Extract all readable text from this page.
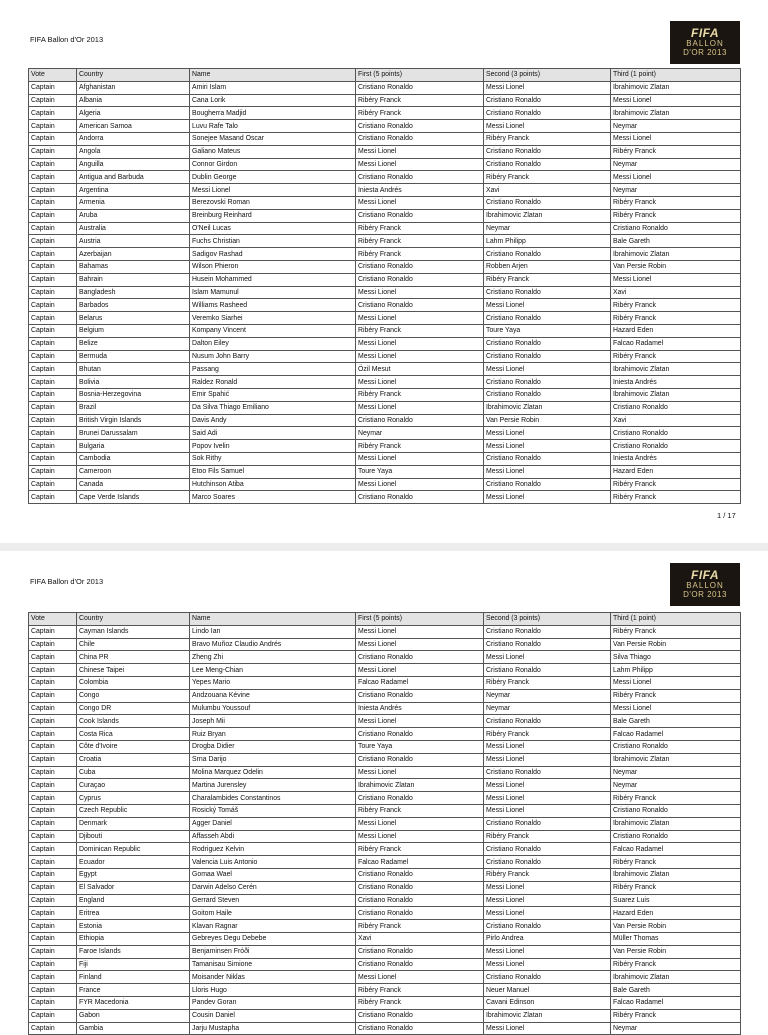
FIFA Ballon d'Or 2013	FIFA
BALLON
D'OR 2013
Vote	Country	Name	First (5 points)	Second (3 points)	Third (1 point)
Captain	Afghanistan	Amiri Islam	Cristiano Ronaldo	Messi Lionel	Ibrahimovic Zlatan
Captain	Albania	Cana Lorik	Ribéry Franck	Cristiano Ronaldo	Messi Lionel
Captain	Algeria	Bougherra Madjid	Ribéry Franck	Cristiano Ronaldo	Ibrahimovic Zlatan
Captain	American Samoa	Luvu Rafe Talo	Cristiano Ronaldo	Messi Lionel	Neymar
Captain	Andorra	Sonejee Masand Oscar	Cristiano Ronaldo	Ribéry Franck	Messi Lionel
Captain	Angola	Galiano Mateus	Messi Lionel	Cristiano Ronaldo	Ribéry Franck
Captain	Anguilla	Connor Girdon	Messi Lionel	Cristiano Ronaldo	Neymar
Captain	Antigua and Barbuda	Dublin George	Cristiano Ronaldo	Ribéry Franck	Messi Lionel
Captain	Argentina	Messi Lionel	Iniesta Andrés	Xavi	Neymar
Captain	Armenia	Berezovski Roman	Messi Lionel	Cristiano Ronaldo	Ribéry Franck
Captain	Aruba	Breinburg Reinhard	Cristiano Ronaldo	Ibrahimovic Zlatan	Ribéry Franck
Captain	Australia	O'Neil Lucas	Ribéry Franck	Neymar	Cristiano Ronaldo
Captain	Austria	Fuchs Christian	Ribéry Franck	Lahm Philipp	Bale Gareth
Captain	Azerbaijan	Sadigov Rashad	Ribéry Franck	Cristiano Ronaldo	Ibrahimovic Zlatan
Captain	Bahamas	Wilson Phieron	Cristiano Ronaldo	Robben Arjen	Van Persie Robin
Captain	Bahrain	Husein Mohammed	Cristiano Ronaldo	Ribéry Franck	Messi Lionel
Captain	Bangladesh	Islam Mamunul	Messi Lionel	Cristiano Ronaldo	Xavi
Captain	Barbados	Williams Rasheed	Cristiano Ronaldo	Messi Lionel	Ribéry Franck
Captain	Belarus	Veremko Siarhei	Messi Lionel	Cristiano Ronaldo	Ribéry Franck
Captain	Belgium	Kompany Vincent	Ribéry Franck	Toure Yaya	Hazard Eden
Captain	Belize	Dalton Eiley	Messi Lionel	Cristiano Ronaldo	Falcao Radamel
Captain	Bermuda	Nusum John Barry	Messi Lionel	Cristiano Ronaldo	Ribéry Franck
Captain	Bhutan	Passang	Özil Mesut	Messi Lionel	Ibrahimovic Zlatan
Captain	Bolivia	Raldez Ronald	Messi Lionel	Cristiano Ronaldo	Iniesta Andrés
Captain	Bosnia-Herzegovina	Emir Spahić	Ribéry Franck	Cristiano Ronaldo	Ibrahimovic Zlatan
Captain	Brazil	Da Silva Thiago Emiliano	Messi Lionel	Ibrahimovic Zlatan	Cristiano Ronaldo
Captain	British Virgin Islands	Davis Andy	Cristiano Ronaldo	Van Persie Robin	Xavi
Captain	Brunei Darussalam	Said Adi	Neymar	Messi Lionel	Cristiano Ronaldo
Captain	Bulgaria	Popov Ivelin	Ribéry Franck	Messi Lionel	Cristiano Ronaldo
Captain	Cambodia	Sok Rithy	Messi Lionel	Cristiano Ronaldo	Iniesta Andrés
Captain	Cameroon	Etoo Fils Samuel	Toure Yaya	Messi Lionel	Hazard Eden
Captain	Canada	Hutchinson Atiba	Messi Lionel	Cristiano Ronaldo	Ribéry Franck
Captain	Cape Verde Islands	Marco Soares	Cristiano Ronaldo	Messi Lionel	Ribéry Franck
1 / 17
FIFA Ballon d'Or 2013	FIFA
BALLON
D'OR 2013
Vote	Country	Name	First (5 points)	Second (3 points)	Third (1 point)
Captain	Cayman Islands	Lindo Ian	Messi Lionel	Cristiano Ronaldo	Ribéry Franck
Captain	Chile	Bravo Muñoz Claudio Andrés	Messi Lionel	Cristiano Ronaldo	Van Persie Robin
Captain	China PR	Zheng Zhi	Cristiano Ronaldo	Messi Lionel	Silva Thiago
Captain	Chinese Taipei	Lee Meng-Chian	Messi Lionel	Cristiano Ronaldo	Lahm Philipp
Captain	Colombia	Yepes Mario	Falcao Radamel	Ribéry Franck	Messi Lionel
Captain	Congo	Andzouana Kévine	Cristiano Ronaldo	Neymar	Ribéry Franck
Captain	Congo DR	Mulumbu Youssouf	Iniesta Andrés	Neymar	Messi Lionel
Captain	Cook Islands	Joseph Mii	Messi Lionel	Cristiano Ronaldo	Bale Gareth
Captain	Costa Rica	Ruiz Bryan	Cristiano Ronaldo	Ribéry Franck	Falcao Radamel
Captain	Côte d'Ivoire	Drogba Didier	Toure Yaya	Messi Lionel	Cristiano Ronaldo
Captain	Croatia	Srna Darijo	Cristiano Ronaldo	Messi Lionel	Ibrahimovic Zlatan
Captain	Cuba	Molina Marquez Odelin	Messi Lionel	Cristiano Ronaldo	Neymar
Captain	Curaçao	Martina Jurensley	Ibrahimovic Zlatan	Messi Lionel	Neymar
Captain	Cyprus	Charalambides Constantinos	Cristiano Ronaldo	Messi Lionel	Ribéry Franck
Captain	Czech Republic	Rosický Tomáš	Ribéry Franck	Messi Lionel	Cristiano Ronaldo
Captain	Denmark	Agger Daniel	Messi Lionel	Cristiano Ronaldo	Ibrahimovic Zlatan
Captain	Djibouti	Affasseh Abdi	Messi Lionel	Ribéry Franck	Cristiano Ronaldo
Captain	Dominican Republic	Rodriguez Kelvin	Ribéry Franck	Cristiano Ronaldo	Falcao Radamel
Captain	Ecuador	Valencia Luis Antonio	Falcao Radamel	Cristiano Ronaldo	Ribéry Franck
Captain	Egypt	Gomaa Wael	Cristiano Ronaldo	Ribéry Franck	Ibrahimovic Zlatan
Captain	El Salvador	Darwin Adelso Cerén	Cristiano Ronaldo	Messi Lionel	Ribéry Franck
Captain	England	Gerrard Steven	Cristiano Ronaldo	Messi Lionel	Suarez Luis
Captain	Eritrea	Goitom Haile	Cristiano Ronaldo	Messi Lionel	Hazard Eden
Captain	Estonia	Klavan Ragnar	Ribéry Franck	Cristiano Ronaldo	Van Persie Robin
Captain	Ethiopia	Gebreyes Degu Debebe	Xavi	Pirlo Andrea	Müller Thomas
Captain	Faroe Islands	Benjaminsen Fróði	Cristiano Ronaldo	Messi Lionel	Van Persie Robin
Captain	Fiji	Tamanisau Simione	Cristiano Ronaldo	Messi Lionel	Ribéry Franck
Captain	Finland	Moisander Niklas	Messi Lionel	Cristiano Ronaldo	Ibrahimovic Zlatan
Captain	France	Lloris Hugo	Ribéry Franck	Neuer Manuel	Bale Gareth
Captain	FYR Macedonia	Pandev Goran	Ribéry Franck	Cavani Edinson	Falcao Radamel
Captain	Gabon	Cousin Daniel	Cristiano Ronaldo	Ibrahimovic Zlatan	Ribéry Franck
Captain	Gambia	Jarju Mustapha	Cristiano Ronaldo	Messi Lionel	Neymar
